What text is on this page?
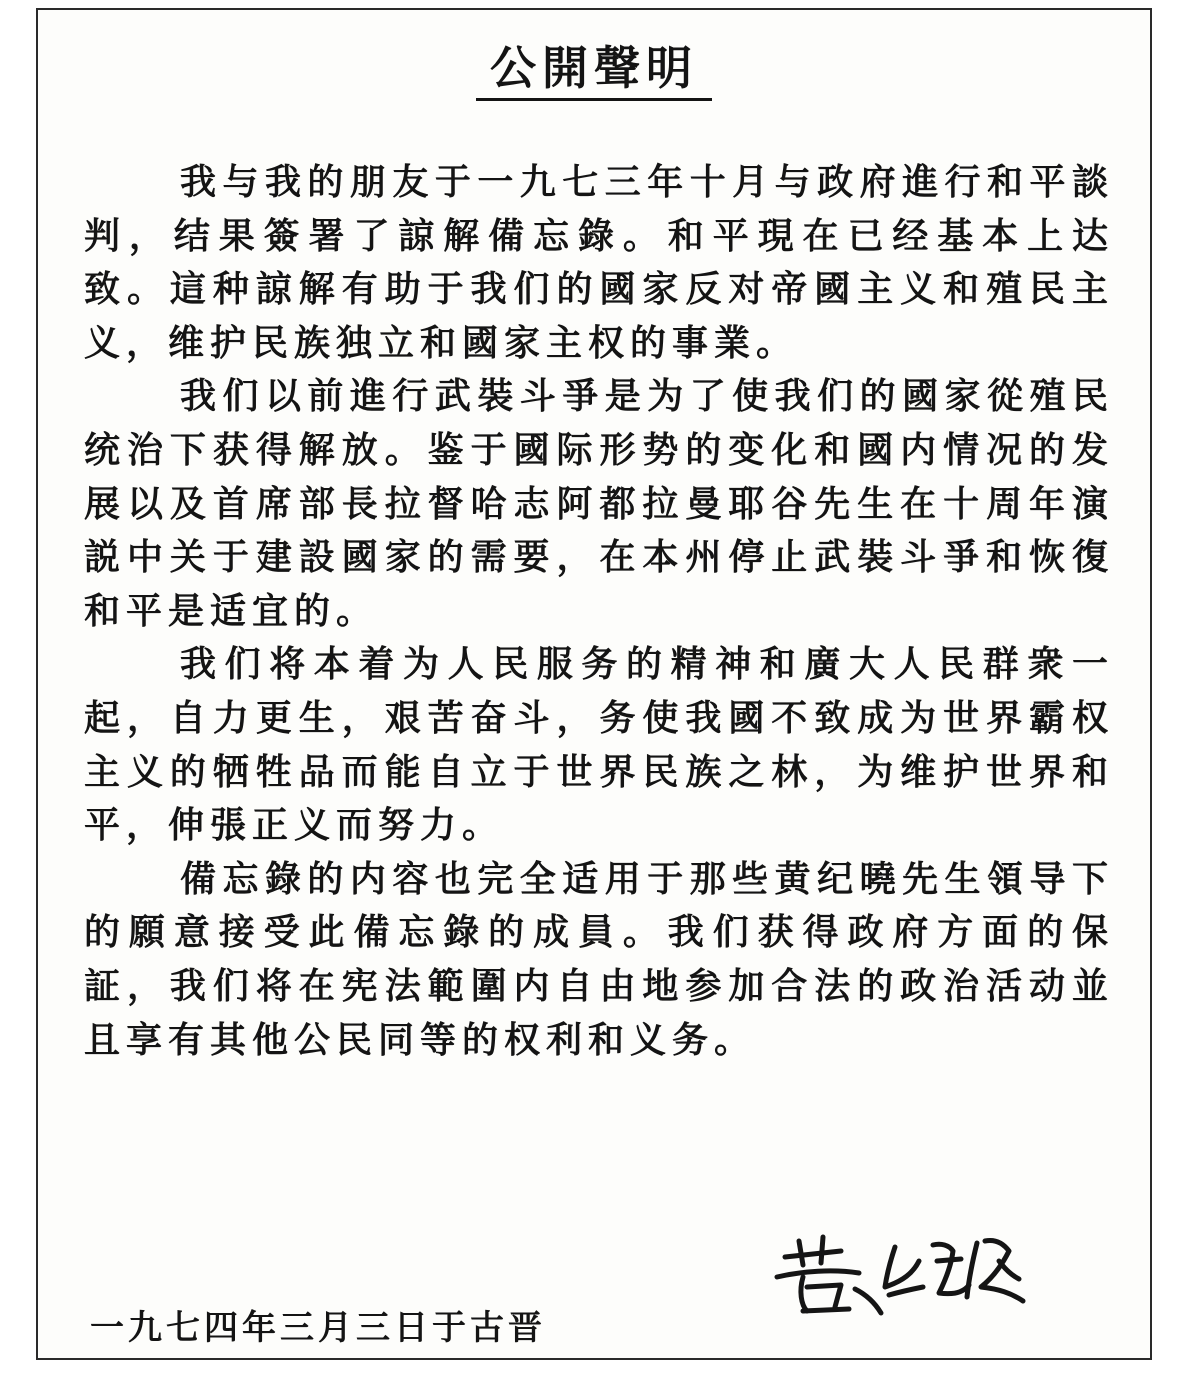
公開聲明

我与我的朋友于一九七三年十月与政府進行和平談判，结果簽署了諒解備忘錄。和平現在已经基本上达致。這种諒解有助于我们的國家反对帝國主义和殖民主义，维护民族独立和國家主权的事業。

我们以前進行武裝斗爭是为了使我们的國家從殖民统治下获得解放。鉴于國际形势的变化和國内情况的发展以及首席部長拉督哈志阿都拉曼耶谷先生在十周年演説中关于建設國家的需要，在本州停止武裝斗爭和恢復和平是适宜的。

我们将本着为人民服务的精神和廣大人民群衆一起，自力更生，艰苦奋斗，务使我國不致成为世界霸权主义的牺牲品而能自立于世界民族之林，为维护世界和平，伸張正义而努力。

備忘錄的内容也完全适用于那些黄纪曉先生領导下的願意接受此備忘錄的成員。我们获得政府方面的保証，我们将在宪法範圍内自由地参加合法的政治活动並且享有其他公民同等的权利和义务。

一九七四年三月三日于古晋
